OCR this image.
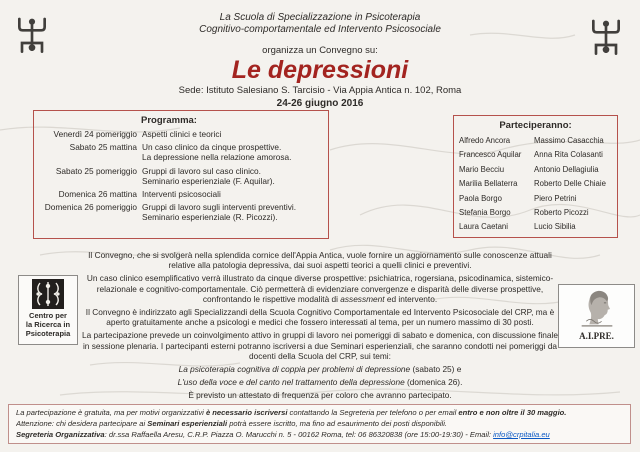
La Scuola di Specializzazione in Psicoterapia
Cognitivo-comportamentale ed Intervento Psicosociale
organizza un Convegno su:
Le depressioni
Sede: Istituto Salesiano S. Tarcisio - Via Appia Antica n. 102, Roma
24-26 giugno 2016
Programma:
Venerdì 24 pomeriggio Aspetti clinici e teorici
Sabato 25 mattina Un caso clinico da cinque prospettive.
La depressione nella relazione amorosa.
Sabato 25 pomeriggio Gruppi di lavoro sul caso clinico.
Seminario esperienziale (F. Aquilar).
Domenica 26 mattina Interventi psicosociali
Domenica 26 pomeriggio Gruppi di lavoro sugli interventi preventivi.
Seminario esperienziale (R. Picozzi).
Parteciperanno:
Alfredo Ancora
Francesco Aquilar
Mario Becciu
Marilia Bellaterra
Paola Borgo
Stefania Borgo
Laura Caetani
Massimo Casacchia
Anna Rita Colasanti
Antonio Dellagiulia
Roberto Delle Chiaie
Piero Petrini
Roberto Picozzi
Lucio Sibilia

Il Convegno, che si svolgerà nella splendida cornice dell'Appia Antica, vuole fornire un aggiornamento sulle conoscenze attuali relative alla patologia depressiva, dai suoi aspetti teorici a quelli clinici e preventivi.

Un caso clinico esemplificativo verrà illustrato da cinque diverse prospettive: psichiatrica, rogersiana, psicodinamica, sistemico-relazionale e cognitivo-comportamentale. Ciò permetterà di evidenziare convergenze e disparità delle diverse prospettive, confrontando le rispettive modalità di assessment ed intervento.

Il Convegno è indirizzato agli Specializzandi della Scuola Cognitivo Comportamentale ed Intervento Psicosociale del CRP, ma è aperto gratuitamente anche a psicologi e medici che fossero interessati al tema, per un numero massimo di 30 posti.

La partecipazione prevede un coinvolgimento attivo in gruppi di lavoro nei pomeriggi di sabato e domenica, con discussione finale in sessione plenaria. I partecipanti esterni potranno iscriversi a due Seminari esperienziali, che saranno condotti nei pomeriggi da docenti della Scuola del CRP, sui temi:

La psicoterapia cognitiva di coppia per problemi di depressione (sabato 25) e

L'uso della voce e del canto nel trattamento della depressione (domenica 26).

È previsto un attestato di frequenza per coloro che avranno partecipato.

Centro per
la Ricerca in
Psicoterapia	A.I.PRE.
La partecipazione è gratuita, ma per motivi organizzativi è necessario iscriversi contattando la Segreteria per telefono o per email entro e non oltre il 30 maggio.
Attenzione: chi desidera partecipare ai Seminari esperienziali potrà essere iscritto, ma fino ad esaurimento dei posti disponibili.
Segreteria Organizzativa: dr.ssa Raffaella Aresu, C.R.P. Piazza O. Marucchi n. 5 - 00162 Roma, tel: 06 86320838 (ore 15:00-19:30) - Email: info@crpitalia.eu
